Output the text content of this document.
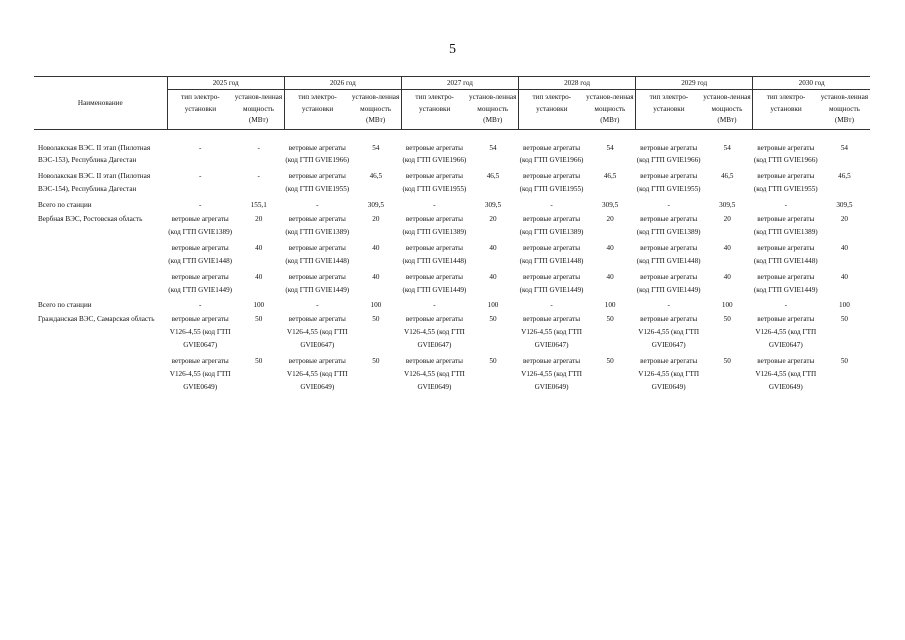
5
Наименование	2025 год		2026 год		2027 год		2028 год		2029 год		2030 год	
	тип электро-установки	установ-ленная мощность (МВт)	тип электро-установки	установ-ленная мощность (МВт)	тип электро-установки	установ-ленная мощность (МВт)	тип электро-установки	установ-ленная мощность (МВт)	тип электро-установки	установ-ленная мощность (МВт)	тип электро-установки	установ-ленная мощность (МВт)
Новолакская ВЭС. II этап (Пилотная ВЭС-153), Республика Дагестан	-	-	ветровые агрегаты (код ГТП GVIE1966)	54	ветровые агрегаты (код ГТП GVIE1966)	54	ветровые агрегаты (код ГТП GVIE1966)	54	ветровые агрегаты (код ГТП GVIE1966)	54	ветровые агрегаты (код ГТП GVIE1966)	54
Новолакская ВЭС. II этап (Пилотная ВЭС-154), Республика Дагестан	-	-	ветровые агрегаты (код ГТП GVIE1955)	46,5	ветровые агрегаты (код ГТП GVIE1955)	46,5	ветровые агрегаты (код ГТП GVIE1955)	46,5	ветровые агрегаты (код ГТП GVIE1955)	46,5	ветровые агрегаты (код ГТП GVIE1955)	46,5
Всего по станции	-	155,1	-	309,5	-	309,5	-	309,5	-	309,5	-	309,5
Вербная ВЭС, Ростовская область	ветровые агрегаты (код ГТП GVIE1389)	20	ветровые агрегаты (код ГТП GVIE1389)	20	ветровые агрегаты (код ГТП GVIE1389)	20	ветровые агрегаты (код ГТП GVIE1389)	20	ветровые агрегаты (код ГТП GVIE1389)	20	ветровые агрегаты (код ГТП GVIE1389)	20
	ветровые агрегаты (код ГТП GVIE1448)	40	ветровые агрегаты (код ГТП GVIE1448)	40	ветровые агрегаты (код ГТП GVIE1448)	40	ветровые агрегаты (код ГТП GVIE1448)	40	ветровые агрегаты (код ГТП GVIE1448)	40	ветровые агрегаты (код ГТП GVIE1448)	40
	ветровые агрегаты (код ГТП GVIE1449)	40	ветровые агрегаты (код ГТП GVIE1449)	40	ветровые агрегаты (код ГТП GVIE1449)	40	ветровые агрегаты (код ГТП GVIE1449)	40	ветровые агрегаты (код ГТП GVIE1449)	40	ветровые агрегаты (код ГТП GVIE1449)	40
Всего по станции	-	100	-	100	-	100	-	100	-	100	-	100
Гражданская ВЭС, Самарская область	ветровые агрегаты V126-4,55 (код ГТП GVIE0647)	50	ветровые агрегаты V126-4,55 (код ГТП GVIE0647)	50	ветровые агрегаты V126-4,55 (код ГТП GVIE0647)	50	ветровые агрегаты V126-4,55 (код ГТП GVIE0647)	50	ветровые агрегаты V126-4,55 (код ГТП GVIE0647)	50	ветровые агрегаты V126-4,55 (код ГТП GVIE0647)	50
	ветровые агрегаты V126-4,55 (код ГТП GVIE0649)	50	ветровые агрегаты V126-4,55 (код ГТП GVIE0649)	50	ветровые агрегаты V126-4,55 (код ГТП GVIE0649)	50	ветровые агрегаты V126-4,55 (код ГТП GVIE0649)	50	ветровые агрегаты V126-4,55 (код ГТП GVIE0649)	50	ветровые агрегаты V126-4,55 (код ГТП GVIE0649)	50
